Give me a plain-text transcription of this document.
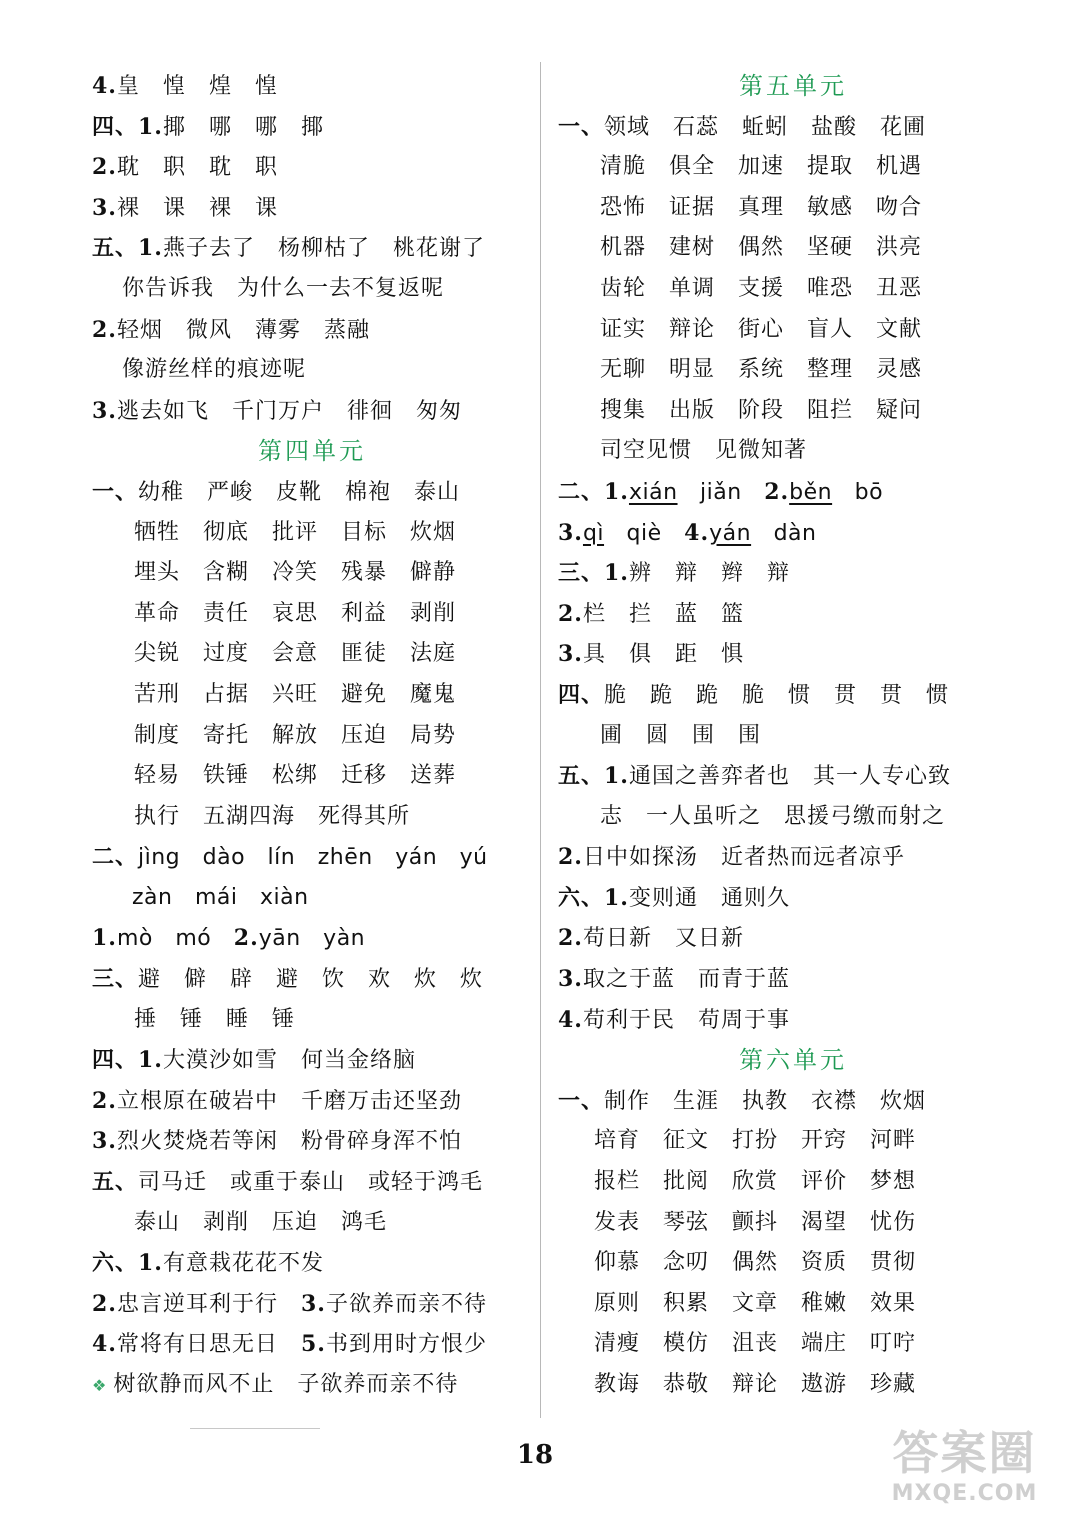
4.皇　惶　煌　惶
四、1.揶　哪　哪　揶
2.耽　职　耽　职
3.裸　课　裸　课
五、1.燕子去了　杨柳枯了　桃花谢了
你告诉我　为什么一去不复返呢
2.轻烟　微风　薄雾　蒸融
像游丝样的痕迹呢
3.逃去如飞　千门万户　徘徊　匆匆
第四单元
一、幼稚　严峻　皮靴　棉袍　泰山
牺牲　彻底　批评　目标　炊烟
埋头　含糊　冷笑　残暴　僻静
革命　责任　哀思　利益　剥削
尖锐　过度　会意　匪徒　法庭
苦刑　占据　兴旺　避免　魔鬼
制度　寄托　解放　压迫　局势
轻易　铁锤　松绑　迁移　送葬
执行　五湖四海　死得其所
二、jìng　dào　lín　zhēn　yán　yú
zàn　mái　xiàn
1.mò　mó　2.yān　yàn
三、避　僻　辟　避　饮　欢　炊　炊
捶　锤　睡　锤
四、1.大漠沙如雪　何当金络脑
2.立根原在破岩中　千磨万击还坚劲
3.烈火焚烧若等闲　粉骨碎身浑不怕
五、司马迁　或重于泰山　或轻于鸿毛
泰山　剥削　压迫　鸿毛
六、1.有意栽花花不发
2.忠言逆耳利于行　3.子欲养而亲不待
4.常将有日思无日　5.书到用时方恨少
❖ 树欲静而风不止　子欲养而亲不待
第五单元
一、领域　石蕊　蚯蚓　盐酸　花圃
清脆　俱全　加速　提取　机遇
恐怖　证据　真理　敏感　吻合
机器　建树　偶然　坚硬　洪亮
齿轮　单调　支援　唯恐　丑恶
证实　辩论　街心　盲人　文献
无聊　明显　系统　整理　灵感
搜集　出版　阶段　阻拦　疑问
司空见惯　见微知著
二、1.xián　jiǎn　2.běn　bō
3.qì　qiè　4.yán　dàn
三、1.辨　辩　辫　辩
2.栏　拦　蓝　篮
3.具　俱　距　惧
四、脆　跪　跪　脆　惯　贯　贯　惯
圃　圆　围　围
五、1.通国之善弈者也　其一人专心致
志　一人虽听之　思援弓缴而射之
2.日中如探汤　近者热而远者凉乎
六、1.变则通　通则久
2.苟日新　又日新
3.取之于蓝　而青于蓝
4.苟利于民　苟周于事
第六单元
一、制作　生涯　执教　衣襟　炊烟
培育　征文　打扮　开窍　河畔
报栏　批阅　欣赏　评价　梦想
发表　琴弦　颤抖　渴望　忧伤
仰慕　念叨　偶然　资质　贯彻
原则　积累　文章　稚嫩　效果
清瘦　模仿　沮丧　端庄　叮咛
教诲　恭敬　辩论　遨游　珍藏
18	答案圈
MXQE.COM
